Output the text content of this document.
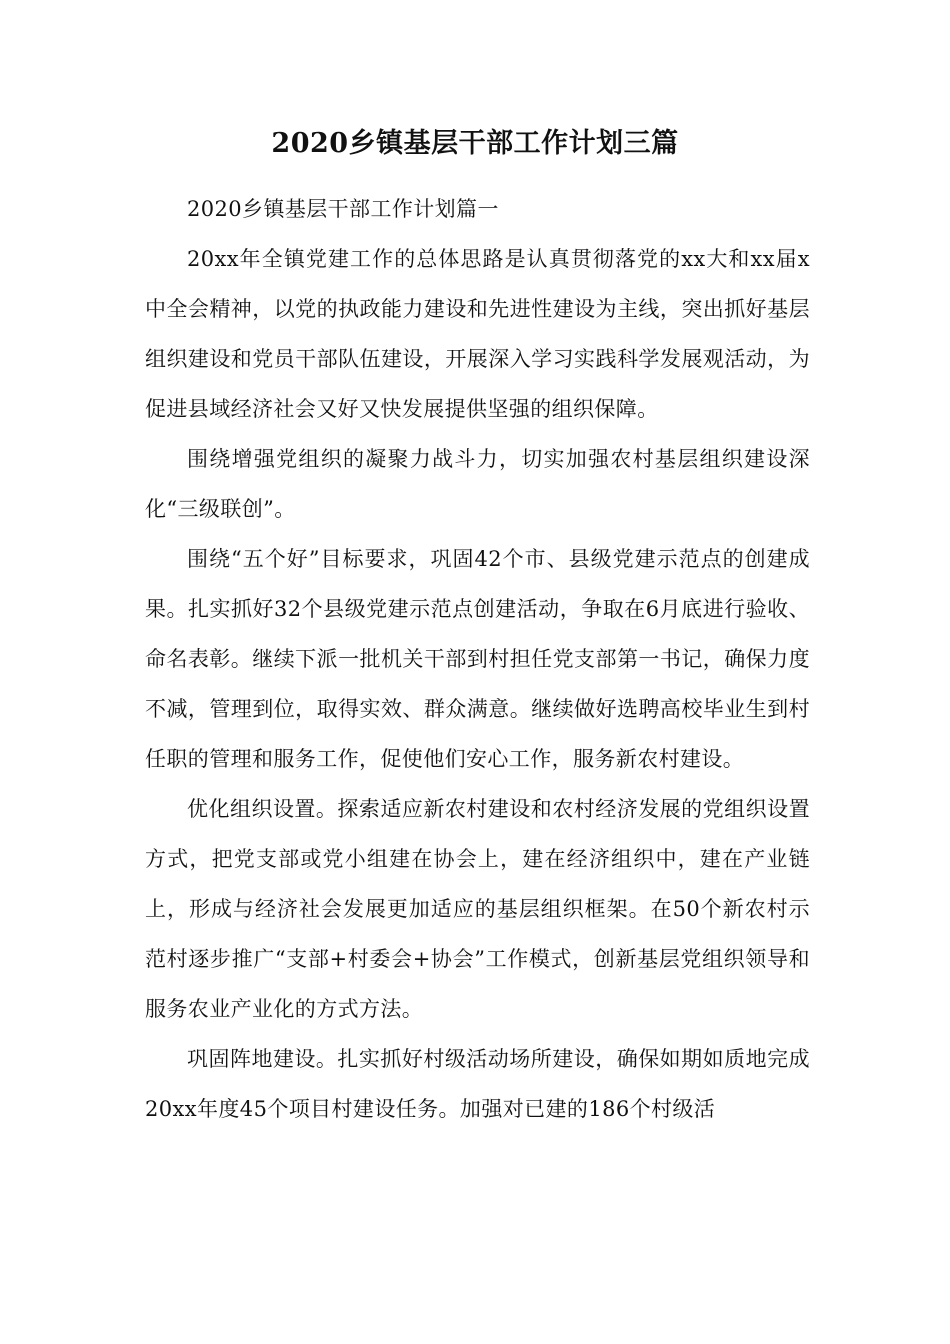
2020乡镇基层干部工作计划三篇

2020乡镇基层干部工作计划篇一

20xx年全镇党建工作的总体思路是认真贯彻落党的xx大和xx届x中全会精神，以党的执政能力建设和先进性建设为主线，突出抓好基层组织建设和党员干部队伍建设，开展深入学习实践科学发展观活动，为促进县域经济社会又好又快发展提供坚强的组织保障。

围绕增强党组织的凝聚力战斗力，切实加强农村基层组织建设深化“三级联创”。

围绕“五个好”目标要求，巩固42个市、县级党建示范点的创建成果。扎实抓好32个县级党建示范点创建活动，争取在6月底进行验收、命名表彰。继续下派一批机关干部到村担任党支部第一书记，确保力度不减，管理到位，取得实效、群众满意。继续做好选聘高校毕业生到村任职的管理和服务工作，促使他们安心工作，服务新农村建设。

优化组织设置。探索适应新农村建设和农村经济发展的党组织设置方式，把党支部或党小组建在协会上，建在经济组织中，建在产业链上，形成与经济社会发展更加适应的基层组织框架。在50个新农村示范村逐步推广“支部+村委会+协会”工作模式，创新基层党组织领导和服务农业产业化的方式方法。

巩固阵地建设。扎实抓好村级活动场所建设，确保如期如质地完成20xx年度45个项目村建设任务。加强对已建的186个村级活
